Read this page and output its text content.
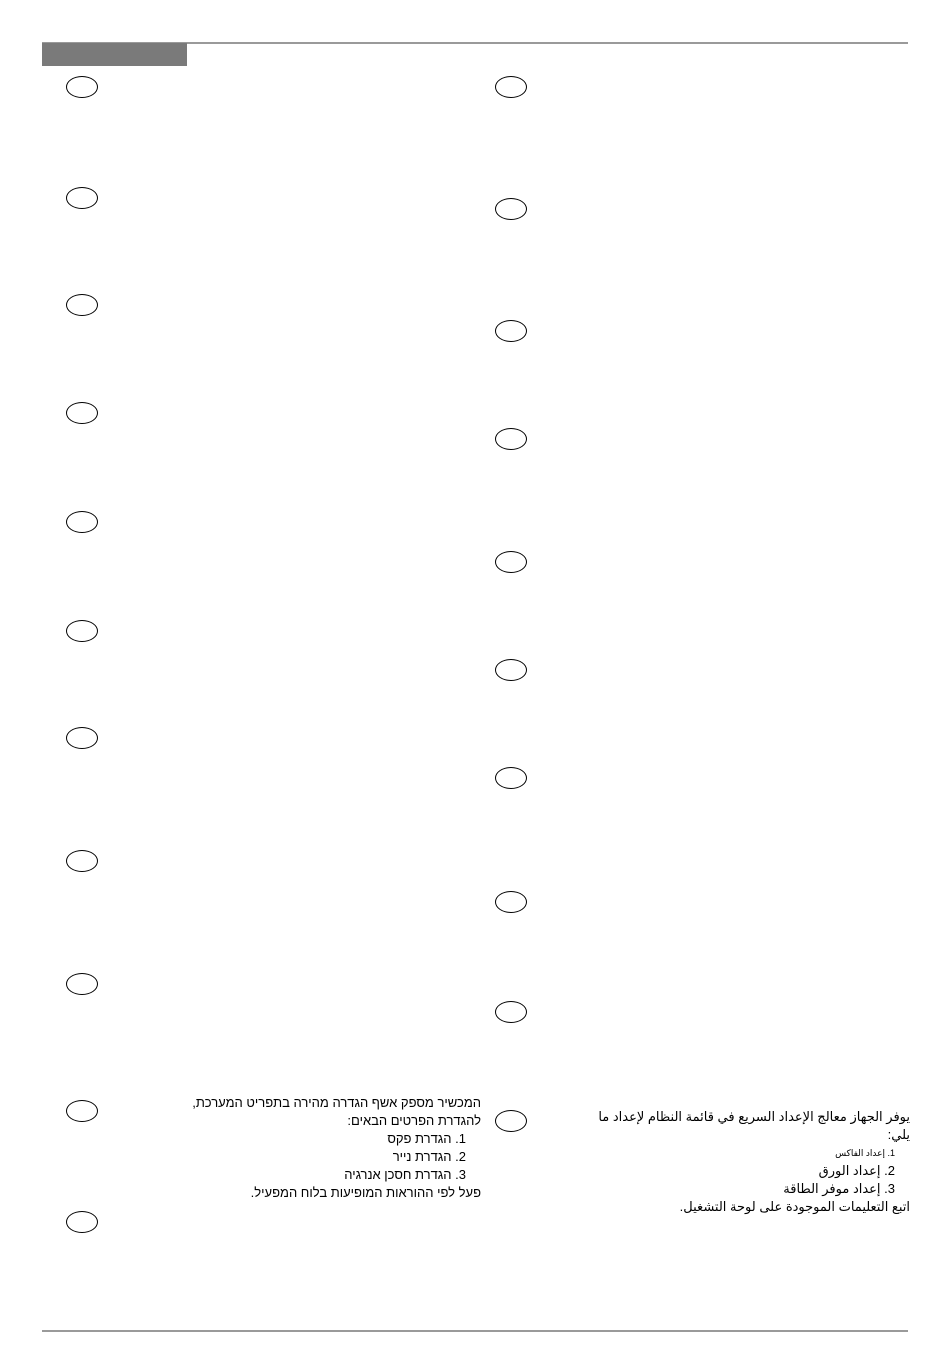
המכשיר מספק אשף הגדרה מהירה בתפריט המערכת, להגדרת הפרטים הבאים:

1. הגדרת פקס

2. הגדרת נייר

3. הגדרת חסכן אנרגיה

פעל לפי ההוראות המופיעות בלוח המפעיל.

يوفر الجهاز معالج الإعداد السريع في قائمة النظام لإعداد ما يلي:

1. إعداد الفاكس

2. إعداد الورق

3. إعداد موفر الطاقة

اتبع التعليمات الموجودة على لوحة التشغيل.
